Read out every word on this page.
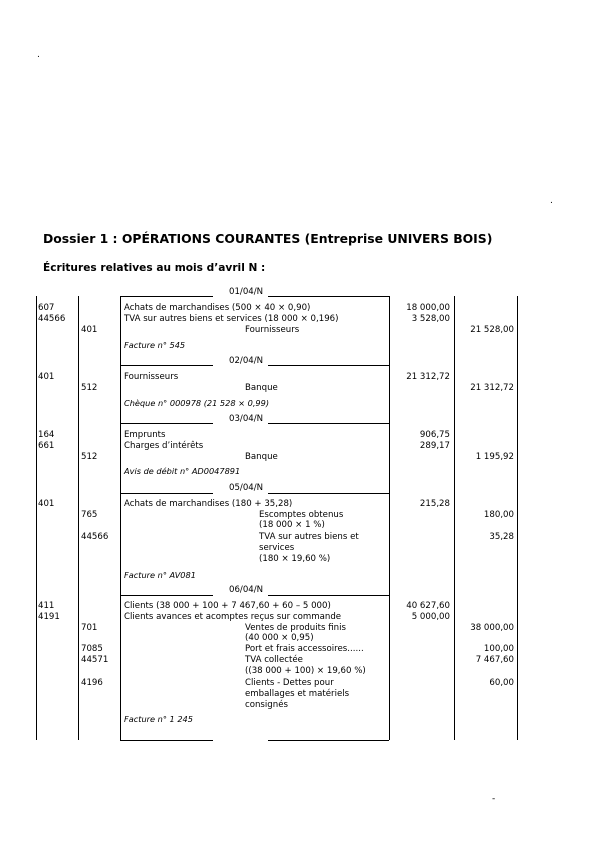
.
.
-
Dossier 1 : OPÉRATIONS COURANTES (Entreprise UNIVERS BOIS)
Écritures relatives au mois d’avril N :
01/04/N
607
44566
401
Achats de marchandises (500 × 40 × 0,90)
TVA sur autres biens et services (18 000 × 0,196)
Fournisseurs
18 000,00
3 528,00
21 528,00
Facture n° 545
02/04/N
401
512
Fournisseurs
Banque
21 312,72
21 312,72
Chèque n° 000978 (21 528 × 0,99)
03/04/N
164
661
512
Emprunts
Charges d’intérêts
Banque
906,75
289,17
1 195,92
Avis de débit n° AD0047891
05/04/N
401
765
44566
Achats de marchandises (180 + 35,28)
Escomptes obtenus
(18 000 × 1 %)
TVA sur autres biens et
services
(180 × 19,60 %)
215,28
180,00
35,28
Facture n° AV081
06/04/N
411
4191
701
7085
44571
4196
Clients (38 000 + 100 + 7 467,60 + 60 – 5 000)
Clients avances et acomptes reçus sur commande
Ventes de produits finis
(40 000 × 0,95)
Port et frais accessoires......
TVA collectée
((38 000 + 100) × 19,60 %)
Clients - Dettes pour
emballages et matériels
consignés
40 627,60
5 000,00
38 000,00
100,00
7 467,60
60,00
Facture n° 1 245
